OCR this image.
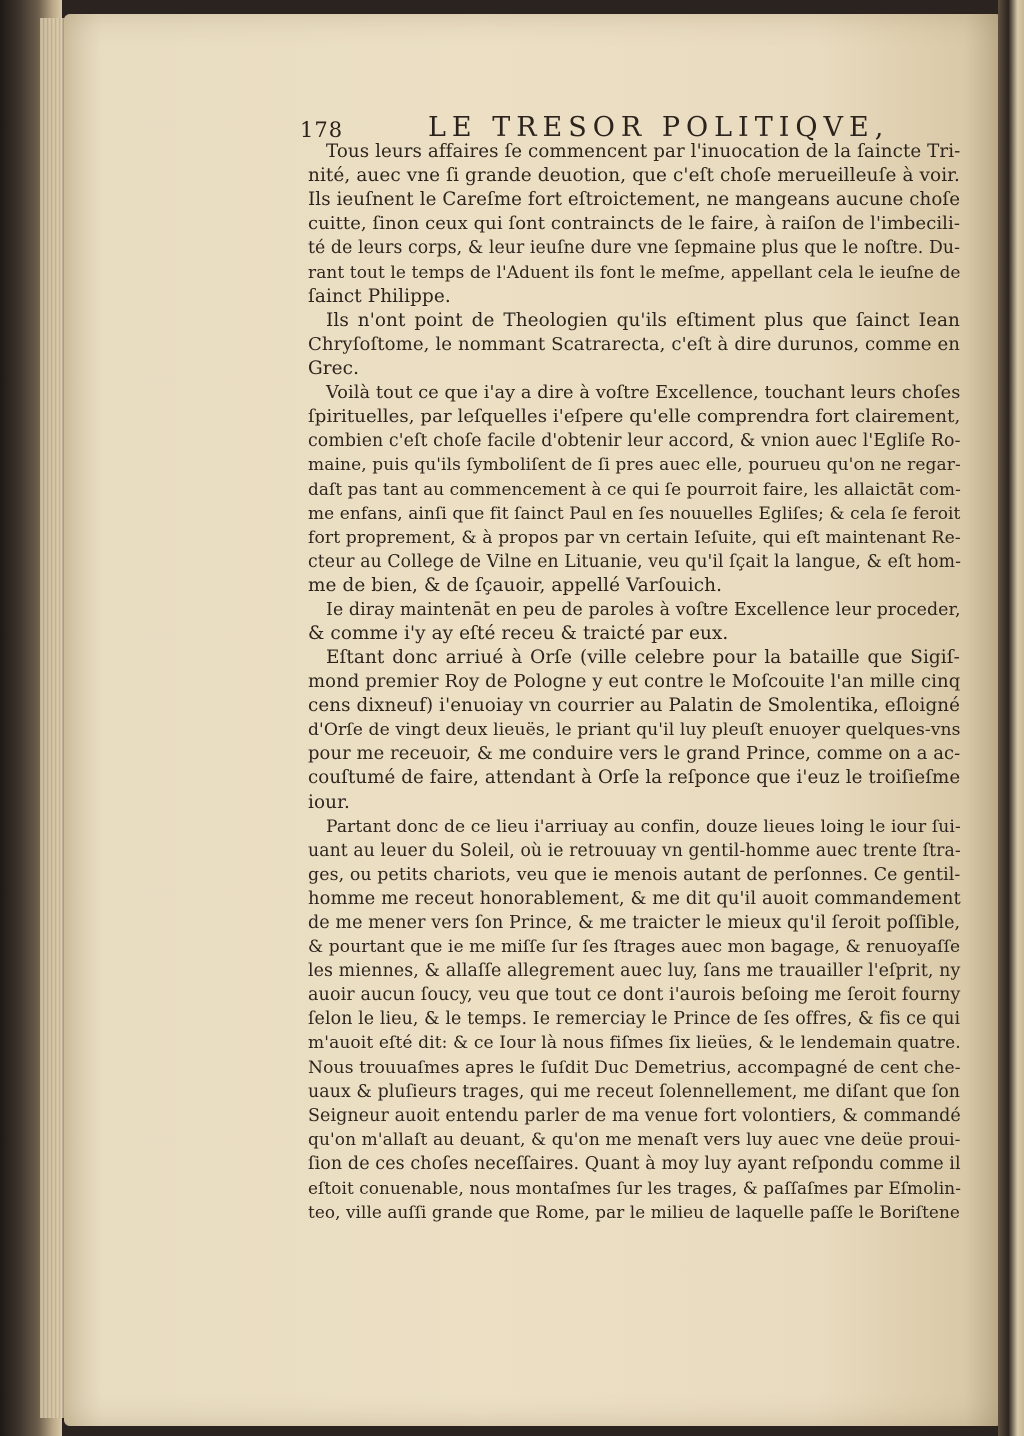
178	LE TRESOR POLITIQVE,
Tous leurs affaires ſe commencent par l'inuocation de la ſaincte Tri-
nité, auec vne ſi grande deuotion, que c'eſt choſe merueilleuſe à voir.
Ils ieuſnent le Careſme fort eſtroictement, ne mangeans aucune choſe
cuitte, ſinon ceux qui ſont contraincts de le faire, à raiſon de l'imbecili-
té de leurs corps, & leur ieuſne dure vne ſepmaine plus que le noſtre. Du-
rant tout le temps de l'Aduent ils font le meſme, appellant cela le ieuſne de
ſainct Philippe.
Ils n'ont point de Theologien qu'ils eſtiment plus que ſainct Iean
Chryſoſtome, le nommant Scatrarecta, c'eſt à dire durunos, comme en
Grec.
Voilà tout ce que i'ay a dire à voſtre Excellence, touchant leurs choſes
ſpirituelles, par leſquelles i'eſpere qu'elle comprendra fort clairement,
combien c'eſt choſe facile d'obtenir leur accord, & vnion auec l'Egliſe Ro-
maine, puis qu'ils ſymboliſent de ſi pres auec elle, pourueu qu'on ne regar-
daſt pas tant au commencement à ce qui ſe pourroit faire, les allaictāt com-
me enfans, ainſi que fit ſainct Paul en ſes nouuelles Egliſes; & cela ſe feroit
fort proprement, & à propos par vn certain Ieſuite, qui eſt maintenant Re-
cteur au College de Vilne en Lituanie, veu qu'il ſçait la langue, & eſt hom-
me de bien, & de ſçauoir, appellé Varſouich.
Ie diray maintenāt en peu de paroles à voſtre Excellence leur proceder,
& comme i'y ay eſté receu & traicté par eux.
Eſtant donc arriué à Orſe (ville celebre pour la bataille que Sigiſ-
mond premier Roy de Pologne y eut contre le Moſcouite l'an mille cinq
cens dixneuf) i'enuoiay vn courrier au Palatin de Smolentika, eſloigné
d'Orſe de vingt deux lieuës, le priant qu'il luy pleuſt enuoyer quelques-vns
pour me receuoir, & me conduire vers le grand Prince, comme on a ac-
couſtumé de faire, attendant à Orſe la reſponce que i'euz le troiſieſme
iour.
Partant donc de ce lieu i'arriuay au confin, douze lieues loing le iour ſui-
uant au leuer du Soleil, où ie retrouuay vn gentil-homme auec trente ſtra-
ges, ou petits chariots, veu que ie menois autant de perſonnes. Ce gentil-
homme me receut honorablement, & me dit qu'il auoit commandement
de me mener vers ſon Prince, & me traicter le mieux qu'il ſeroit poſſible,
& pourtant que ie me miſſe ſur ſes ſtrages auec mon bagage, & renuoyaſſe
les miennes, & allaſſe allegrement auec luy, ſans me trauailler l'eſprit, ny
auoir aucun ſoucy, veu que tout ce dont i'aurois beſoing me ſeroit fourny
ſelon le lieu, & le temps. Ie remerciay le Prince de ſes offres, & fis ce qui
m'auoit eſté dit: & ce Iour là nous fiſmes ſix lieües, & le lendemain quatre.
Nous trouuaſmes apres le ſuſdit Duc Demetrius, accompagné de cent che-
uaux & pluſieurs trages, qui me receut ſolennellement, me diſant que ſon
Seigneur auoit entendu parler de ma venue fort volontiers, & commandé
qu'on m'allaſt au deuant, & qu'on me menaſt vers luy auec vne deüe proui-
ſion de ces choſes neceſſaires. Quant à moy luy ayant reſpondu comme il
eſtoit conuenable, nous montaſmes ſur les trages, & paſſaſmes par Eſmolin-
teo, ville auſſi grande que Rome, par le milieu de laquelle paſſe le Boriſtene
